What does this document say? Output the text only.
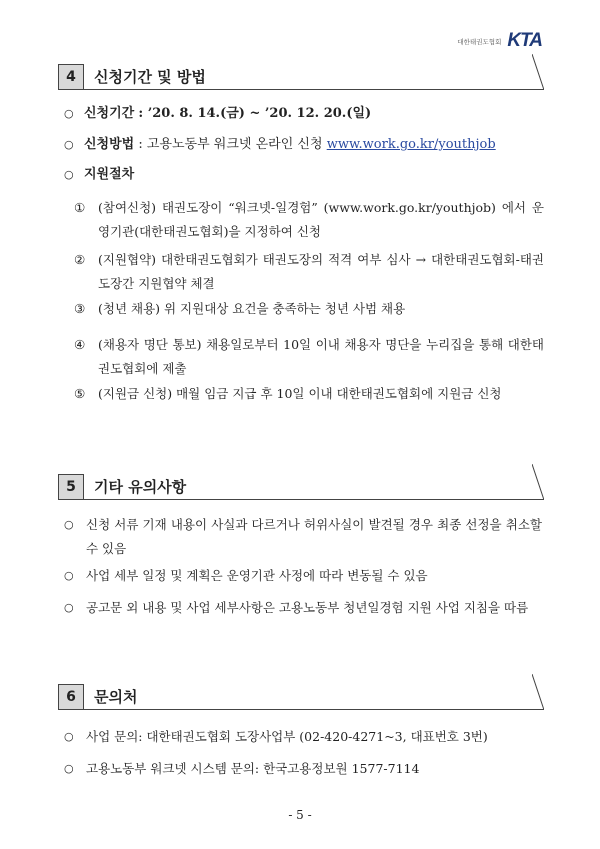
대한태권도협회 KTA
4	신청기간 및 방법
○ 신청기간 : ’20. 8. 14.(금) ~ ’20. 12. 20.(일)
○ 신청방법 : 고용노동부 워크넷 온라인 신청 www.work.go.kr/youthjob
○ 지원절차
① (참여신청) 태권도장이 “워크넷-일경험” (www.work.go.kr/youthjob) 에서 운영기관(대한태권도협회)을 지정하여 신청
② (지원협약) 대한태권도협회가 태권도장의 적격 여부 심사 → 대한태권도협회-태권도장간 지원협약 체결
③ (청년 채용) 위 지원대상 요건을 충족하는 청년 사범 채용
④ (채용자 명단 통보) 채용일로부터 10일 이내 채용자 명단을 누리집을 통해 대한태권도협회에 제출
⑤ (지원금 신청) 매월 임금 지급 후 10일 이내 대한태권도협회에 지원금 신청
5	기타 유의사항
○ 신청 서류 기재 내용이 사실과 다르거나 허위사실이 발견될 경우 최종 선정을 취소할 수 있음
○ 사업 세부 일정 및 계획은 운영기관 사정에 따라 변동될 수 있음
○ 공고문 외 내용 및 사업 세부사항은 고용노동부 청년일경험 지원 사업 지침을 따름
6	문의처
○ 사업 문의: 대한태권도협회 도장사업부 (02-420-4271~3, 대표번호 3번)
○ 고용노동부 워크넷 시스템 문의: 한국고용정보원 1577-7114
- 5 -
